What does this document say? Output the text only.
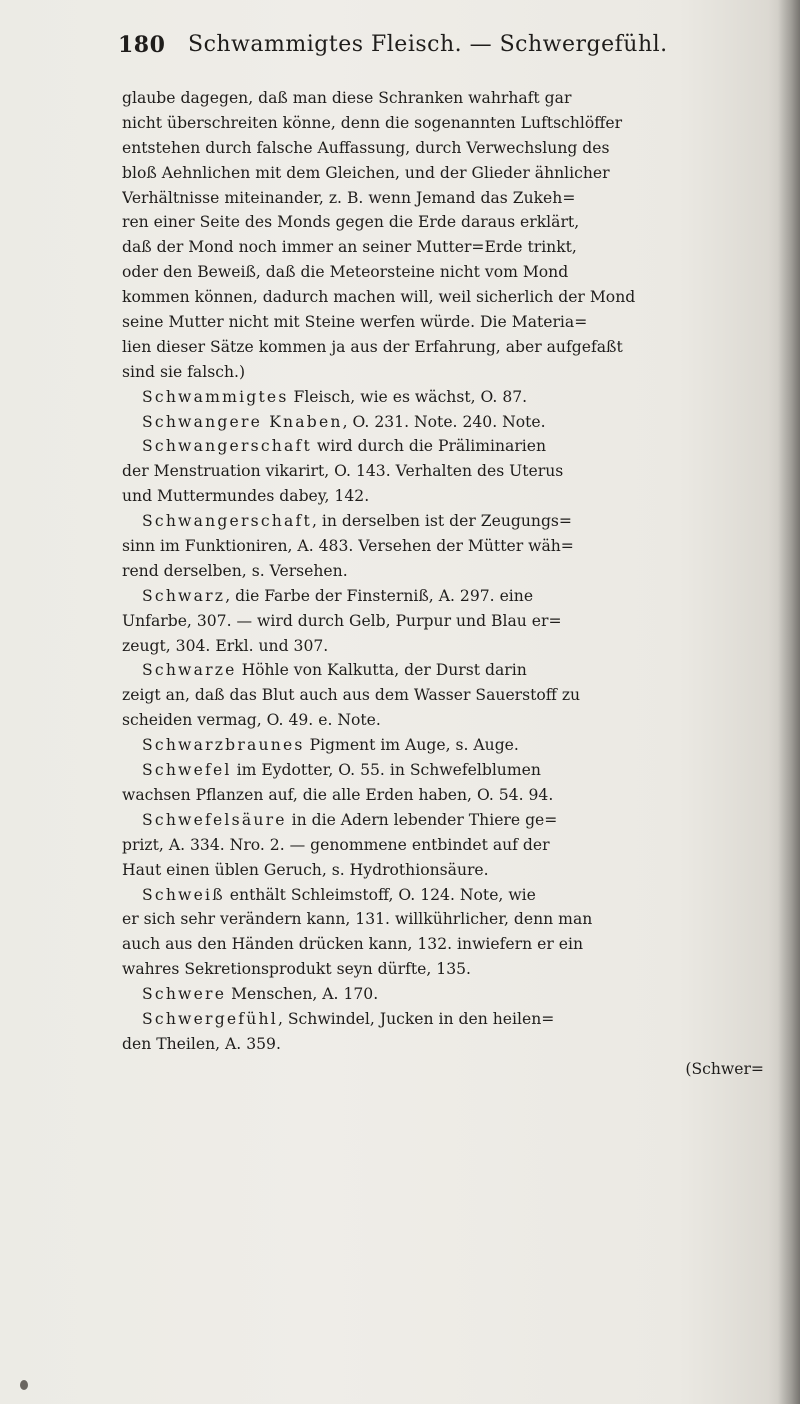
180 Schwammigtes Fleisch. — Schwergefühl.
glaube dagegen, daß man diese Schranken wahrhaft gar
nicht überschreiten könne, denn die sogenannten Luftschlöffer
entstehen durch falsche Auffassung, durch Verwechslung des
bloß Aehnlichen mit dem Gleichen, und der Glieder ähnlicher
Verhältnisse miteinander, z. B. wenn Jemand das Zukeh=
ren einer Seite des Monds gegen die Erde daraus erklärt,
daß der Mond noch immer an seiner Mutter=Erde trinkt,
oder den Beweiß, daß die Meteorsteine nicht vom Mond
kommen können, dadurch machen will, weil sicherlich der Mond
seine Mutter nicht mit Steine werfen würde. Die Materia=
lien dieser Sätze kommen ja aus der Erfahrung, aber aufgefaßt
sind sie falsch.)
Schwammigtes Fleisch, wie es wächst, O. 87.
Schwangere Knaben, O. 231. Note. 240. Note.
Schwangerschaft wird durch die Präliminarien
der Menstruation vikarirt, O. 143. Verhalten des Uterus
und Muttermundes dabey, 142.
Schwangerschaft, in derselben ist der Zeugungs=
sinn im Funktioniren, A. 483. Versehen der Mütter wäh=
rend derselben, s. Versehen.
Schwarz, die Farbe der Finsterniß, A. 297. eine
Unfarbe, 307. — wird durch Gelb, Purpur und Blau er=
zeugt, 304. Erkl. und 307.
Schwarze Höhle von Kalkutta, der Durst darin
zeigt an, daß das Blut auch aus dem Wasser Sauerstoff zu
scheiden vermag, O. 49. e. Note.
Schwarzbraunes Pigment im Auge, s. Auge.
Schwefel im Eydotter, O. 55. in Schwefelblumen
wachsen Pflanzen auf, die alle Erden haben, O. 54. 94.
Schwefelsäure in die Adern lebender Thiere ge=
prizt, A. 334. Nro. 2. — genommene entbindet auf der
Haut einen üblen Geruch, s. Hydrothionsäure.
Schweiß enthält Schleimstoff, O. 124. Note, wie
er sich sehr verändern kann, 131. willkührlicher, denn man
auch aus den Händen drücken kann, 132. inwiefern er ein
wahres Sekretionsprodukt seyn dürfte, 135.
Schwere Menschen, A. 170.
Schwergefühl, Schwindel, Jucken in den heilen=
den Theilen, A. 359.
(Schwer=
